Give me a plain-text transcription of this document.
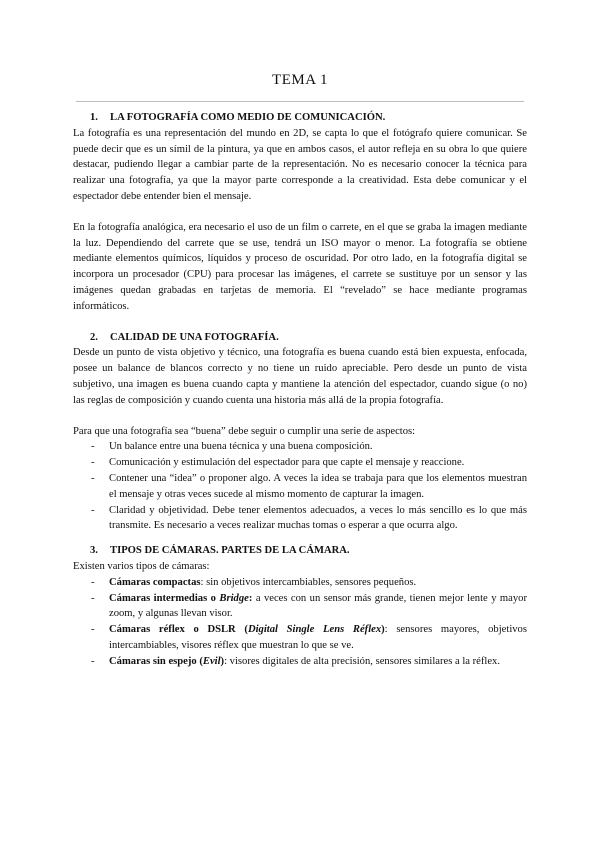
TEMA 1
1. LA FOTOGRAFÍA COMO MEDIO DE COMUNICACIÓN.

La fotografía es una representación del mundo en 2D, se capta lo que el fotógrafo quiere comunicar. Se puede decir que es un símil de la pintura, ya que en ambos casos, el autor refleja en su obra lo que quiere destacar, pudiendo llegar a cambiar parte de la representación. No es necesario conocer la técnica para realizar una fotografía, ya que la mayor parte corresponde a la creatividad. Esta debe comunicar y el espectador debe entender bien el mensaje.

En la fotografía analógica, era necesario el uso de un film o carrete, en el que se graba la imagen mediante la luz. Dependiendo del carrete que se use, tendrá un ISO mayor o menor. La fotografía se obtiene mediante elementos químicos, líquidos y proceso de oscuridad. Por otro lado, en la fotografía digital se incorpora un procesador (CPU) para procesar las imágenes, el carrete se sustituye por un sensor y las imágenes quedan grabadas en tarjetas de memoria. El “revelado” se hace mediante programas informáticos.

2. CALIDAD DE UNA FOTOGRAFÍA.

Desde un punto de vista objetivo y técnico, una fotografía es buena cuando está bien expuesta, enfocada, posee un balance de blancos correcto y no tiene un ruido apreciable. Pero desde un punto de vista subjetivo, una imagen es buena cuando capta y mantiene la atención del espectador, cuando sigue (o no) las reglas de composición y cuando cuenta una historia más allá de la propia fotografía.

Para que una fotografía sea “buena” debe seguir o cumplir una serie de aspectos:

- Un balance entre una buena técnica y una buena composición.
- Comunicación y estimulación del espectador para que capte el mensaje y reaccione.
- Contener una “idea” o proponer algo. A veces la idea se trabaja para que los elementos muestran el mensaje y otras veces sucede al mismo momento de capturar la imagen.
- Claridad y objetividad. Debe tener elementos adecuados, a veces lo más sencillo es lo que más transmite. Es necesario a veces realizar muchas tomas o esperar a que ocurra algo.
3. TIPOS DE CÁMARAS. PARTES DE LA CÁMARA.

Existen varios tipos de cámaras:

- Cámaras compactas: sin objetivos intercambiables, sensores pequeños.
- Cámaras intermedias o Bridge: a veces con un sensor más grande, tienen mejor lente y mayor zoom, y algunas llevan visor.
- Cámaras réflex o DSLR (Digital Single Lens Réflex): sensores mayores, objetivos intercambiables, visores réflex que muestran lo que se ve.
- Cámaras sin espejo (Evil): visores digitales de alta precisión, sensores similares a la réflex.
